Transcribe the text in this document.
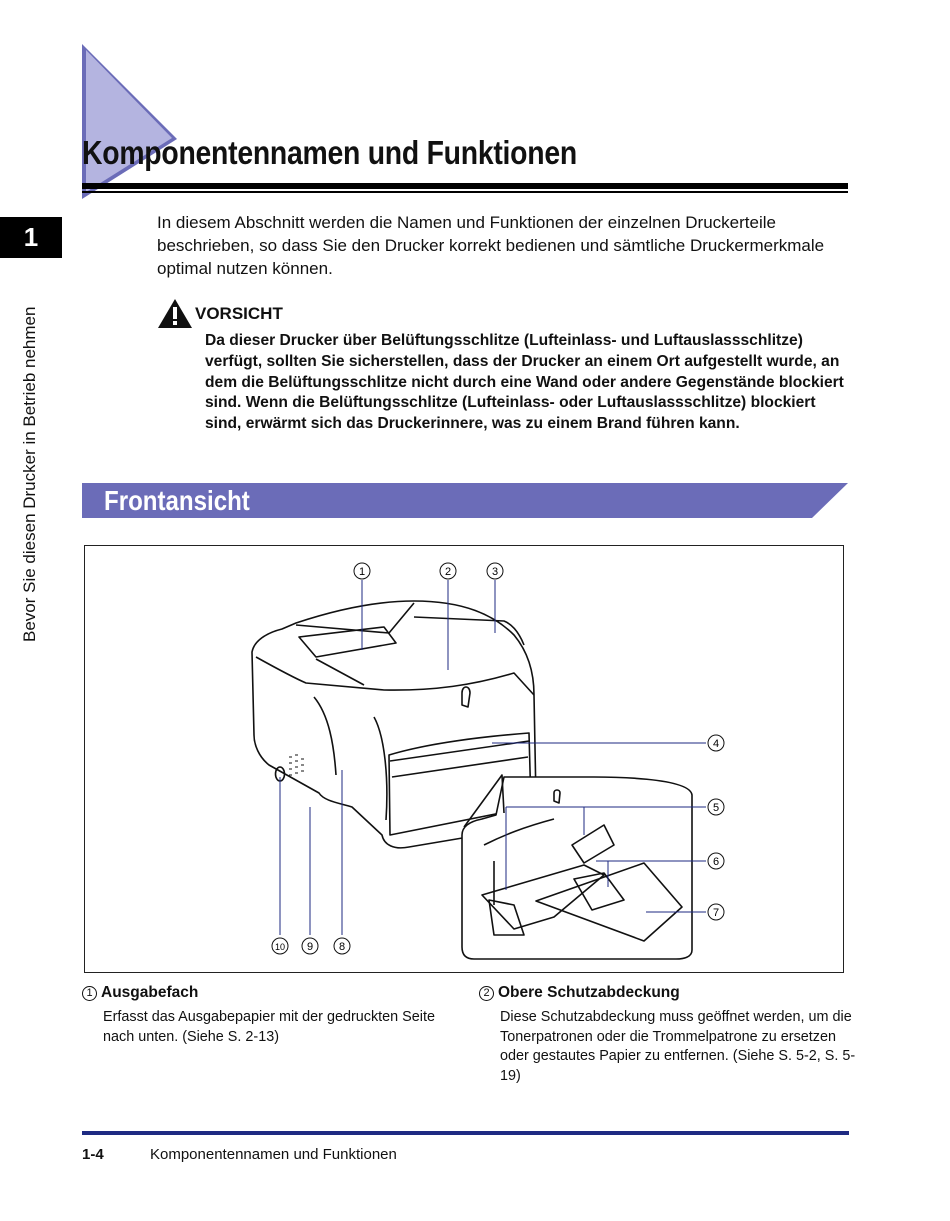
1
Bevor Sie diesen Drucker in Betrieb nehmen
Komponentennamen und Funktionen
In diesem Abschnitt werden die Namen und Funktionen der einzelnen Druckerteile beschrieben, so dass Sie den Drucker korrekt bedienen und sämtliche Druckermerkmale optimal nutzen können.
VORSICHT
Da dieser Drucker über Belüftungsschlitze (Lufteinlass- und Luftauslassschlitze) verfügt, sollten Sie sicherstellen, dass der Drucker an einem Ort aufgestellt wurde, an dem die Belüftungsschlitze nicht durch eine Wand oder andere Gegenstände blockiert sind. Wenn die Belüftungsschlitze (Lufteinlass- oder Luftauslassschlitze) blockiert sind, erwärmt sich das Druckerinnere, was zu einem Brand führen kann.
Frontansicht
1	2	3
4
5
6
7
8
9
10
1 Ausgabefach
Erfasst das Ausgabepapier mit der gedruckten Seite nach unten. (Siehe S. 2-13)
2 Obere Schutzabdeckung
Diese Schutzabdeckung muss geöffnet werden, um die Tonerpatronen oder die Trommelpatrone zu ersetzen oder gestautes Papier zu entfernen. (Siehe S. 5-2, S. 5-19)
1-4	Komponentennamen und Funktionen
